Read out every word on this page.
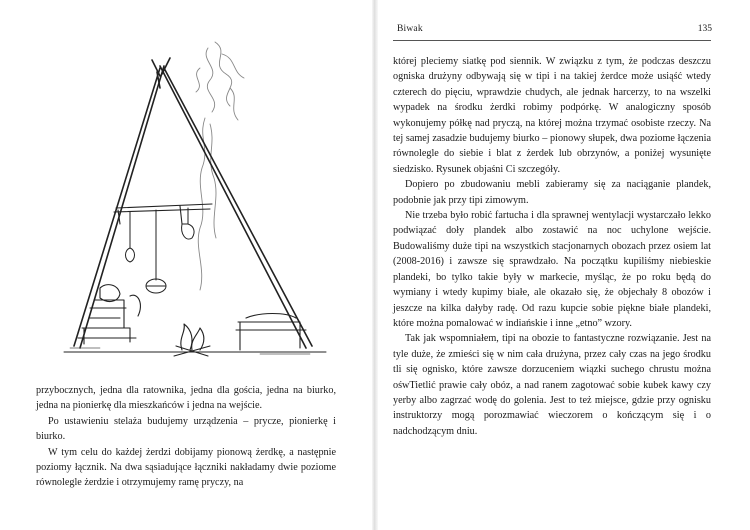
przybocznych, jedna dla ratownika, jedna dla gościa, jedna na biurko, jedna na pionierkę dla mieszkańców i jedna na wejście.

Po ustawieniu stelaża budujemy urządzenia – prycze, pionierkę i biurko.

W tym celu do każdej żerdzi dobijamy pionową żerdkę, a następnie poziomy łącznik. Na dwa sąsiadujące łączniki nakładamy dwie poziome równolegle żerdzie i otrzymujemy ramę pryczy, na

Biwak	135

której pleciemy siatkę pod siennik. W związku z tym, że podczas deszczu ogniska drużyny odbywają się w tipi i na takiej żerdce może usiąść wtedy czterech do pięciu, wprawdzie chudych, ale jednak harcerzy, to na wszelki wypadek na środku żerdki robimy podpórkę. W analogiczny sposób wykonujemy półkę nad pryczą, na której można trzymać osobiste rzeczy. Na tej samej zasadzie budujemy biurko – pionowy słupek, dwa poziome łączenia równolegle do siebie i blat z żerdek lub obrzynów, a poniżej wysunięte siedzisko. Rysunek objaśni Ci szczegóły.

Dopiero po zbudowaniu mebli zabieramy się za naciąganie plandek, podobnie jak przy tipi zimowym.

Nie trzeba było robić fartucha i dla sprawnej wentylacji wystarczało lekko podwiązać doły plandek albo zostawić na noc uchylone wejście. Budowaliśmy duże tipi na wszystkich stacjonarnych obozach przez osiem lat (2008-2016) i zawsze się sprawdzało. Na początku kupiliśmy niebieskie plandeki, bo tylko takie były w markecie, myśląc, że po roku będą do wymiany i wtedy kupimy białe, ale okazało się, że objechały 8 obozów i jeszcze na kilka dałyby radę. Od razu kupcie sobie piękne białe plandeki, które można pomalować w indiańskie i inne „etno” wzory.

Tak jak wspomniałem, tipi na obozie to fantastyczne rozwiązanie. Jest na tyle duże, że zmieści się w nim cała drużyna, przez cały czas na jego środku tli się ognisko, które zawsze dorzuceniem wiązki suchego chrustu można ośwTietlić prawie cały obóz, a nad ranem zagotować sobie kubek kawy czy yerby albo zagrzać wodę do golenia. Jest to też miejsce, gdzie przy ognisku instruktorzy mogą porozmawiać wieczorem o kończącym się i o nadchodzącym dniu.
